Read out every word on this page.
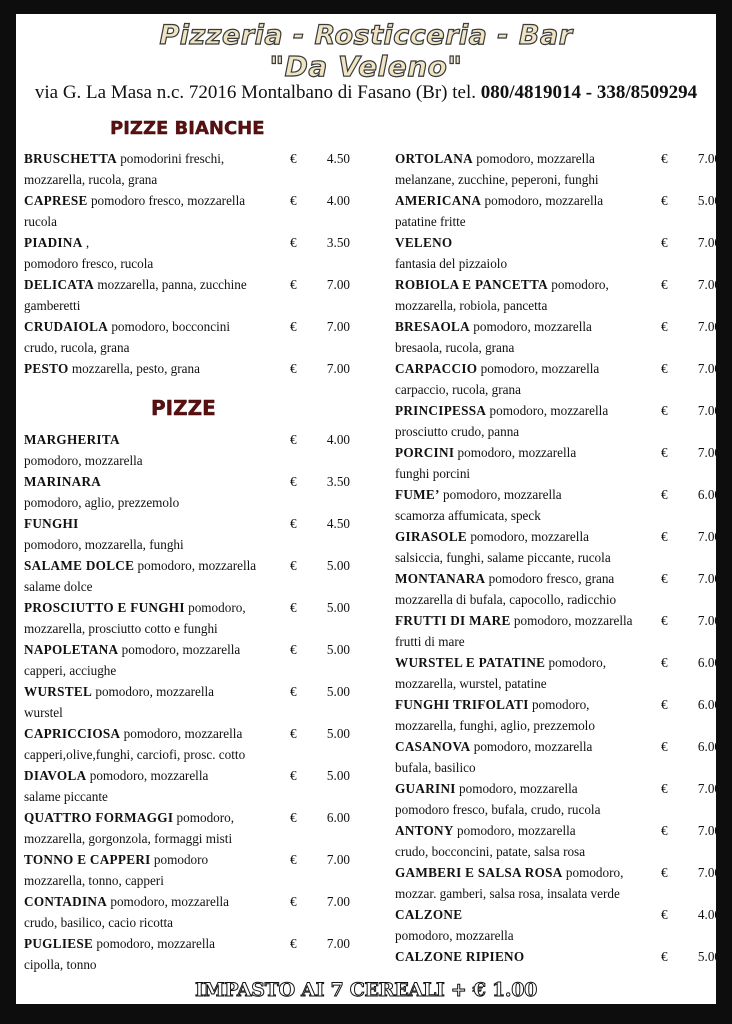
Pizzeria - Rosticceria - Bar
"Da Veleno"
via G. La Masa n.c. 72016 Montalbano di Fasano (Br) tel. 080/4819014 - 338/8509294
PIZZE BIANCHE
PIZZE
BRUSCHETTA pomodorini freschi,
mozzarella, rucola, grana
€	4.50
CAPRESE pomodoro fresco, mozzarella
rucola
€	4.00
PIADINA ,
pomodoro fresco, rucola
€	3.50
DELICATA mozzarella, panna, zucchine
gamberetti
€	7.00
CRUDAIOLA pomodoro, bocconcini
crudo, rucola, grana
€	7.00
PESTO mozzarella, pesto, grana	€	7.00
MARGHERITA
pomodoro, mozzarella
€	4.00
MARINARA
pomodoro, aglio, prezzemolo
€	3.50
FUNGHI
pomodoro, mozzarella, funghi
€	4.50
SALAME DOLCE pomodoro, mozzarella
salame dolce
€	5.00
PROSCIUTTO E FUNGHI pomodoro,
mozzarella, prosciutto cotto e funghi
€	5.00
NAPOLETANA pomodoro, mozzarella
capperi, acciughe
€	5.00
WURSTEL pomodoro, mozzarella
wurstel
€	5.00
CAPRICCIOSA pomodoro, mozzarella
capperi,olive,funghi, carciofi, prosc. cotto
€	5.00
DIAVOLA pomodoro, mozzarella
salame piccante
€	5.00
QUATTRO FORMAGGI pomodoro,
mozzarella, gorgonzola, formaggi misti
€	6.00
TONNO E CAPPERI pomodoro
mozzarella, tonno, capperi
€	7.00
CONTADINA pomodoro, mozzarella
crudo, basilico, cacio ricotta
€	7.00
PUGLIESE pomodoro, mozzarella
cipolla, tonno
€	7.00
ORTOLANA pomodoro, mozzarella
melanzane, zucchine, peperoni, funghi
€	7.00
AMERICANA pomodoro, mozzarella
patatine fritte
€	5.00
VELENO
fantasia del pizzaiolo
€	7.00
ROBIOLA E PANCETTA pomodoro,
mozzarella, robiola, pancetta
€	7.00
BRESAOLA pomodoro, mozzarella
bresaola, rucola, grana
€	7.00
CARPACCIO pomodoro, mozzarella
carpaccio, rucola, grana
€	7.00
PRINCIPESSA pomodoro, mozzarella
prosciutto crudo, panna
€	7.00
PORCINI pomodoro, mozzarella
funghi porcini
€	7.00
FUME’ pomodoro, mozzarella
scamorza affumicata, speck
€	6.00
GIRASOLE pomodoro, mozzarella
salsiccia, funghi, salame piccante, rucola
€	7.00
MONTANARA pomodoro fresco, grana
mozzarella di bufala, capocollo, radicchio
€	7.00
FRUTTI DI MARE pomodoro, mozzarella
frutti di mare
€	7.00
WURSTEL E PATATINE pomodoro,
mozzarella, wurstel, patatine
€	6.00
FUNGHI TRIFOLATI pomodoro,
mozzarella, funghi, aglio, prezzemolo
€	6.00
CASANOVA pomodoro, mozzarella
bufala, basilico
€	6.00
GUARINI pomodoro, mozzarella
pomodoro fresco, bufala, crudo, rucola
€	7.00
ANTONY pomodoro, mozzarella
crudo, bocconcini, patate, salsa rosa
€	7.00
GAMBERI E SALSA ROSA pomodoro,
mozzar. gamberi, salsa rosa, insalata verde
€	7.00
CALZONE
pomodoro, mozzarella
€	4.00
CALZONE RIPIENO	€	5.00
IMPASTO AI 7 CEREALI + € 1.00
